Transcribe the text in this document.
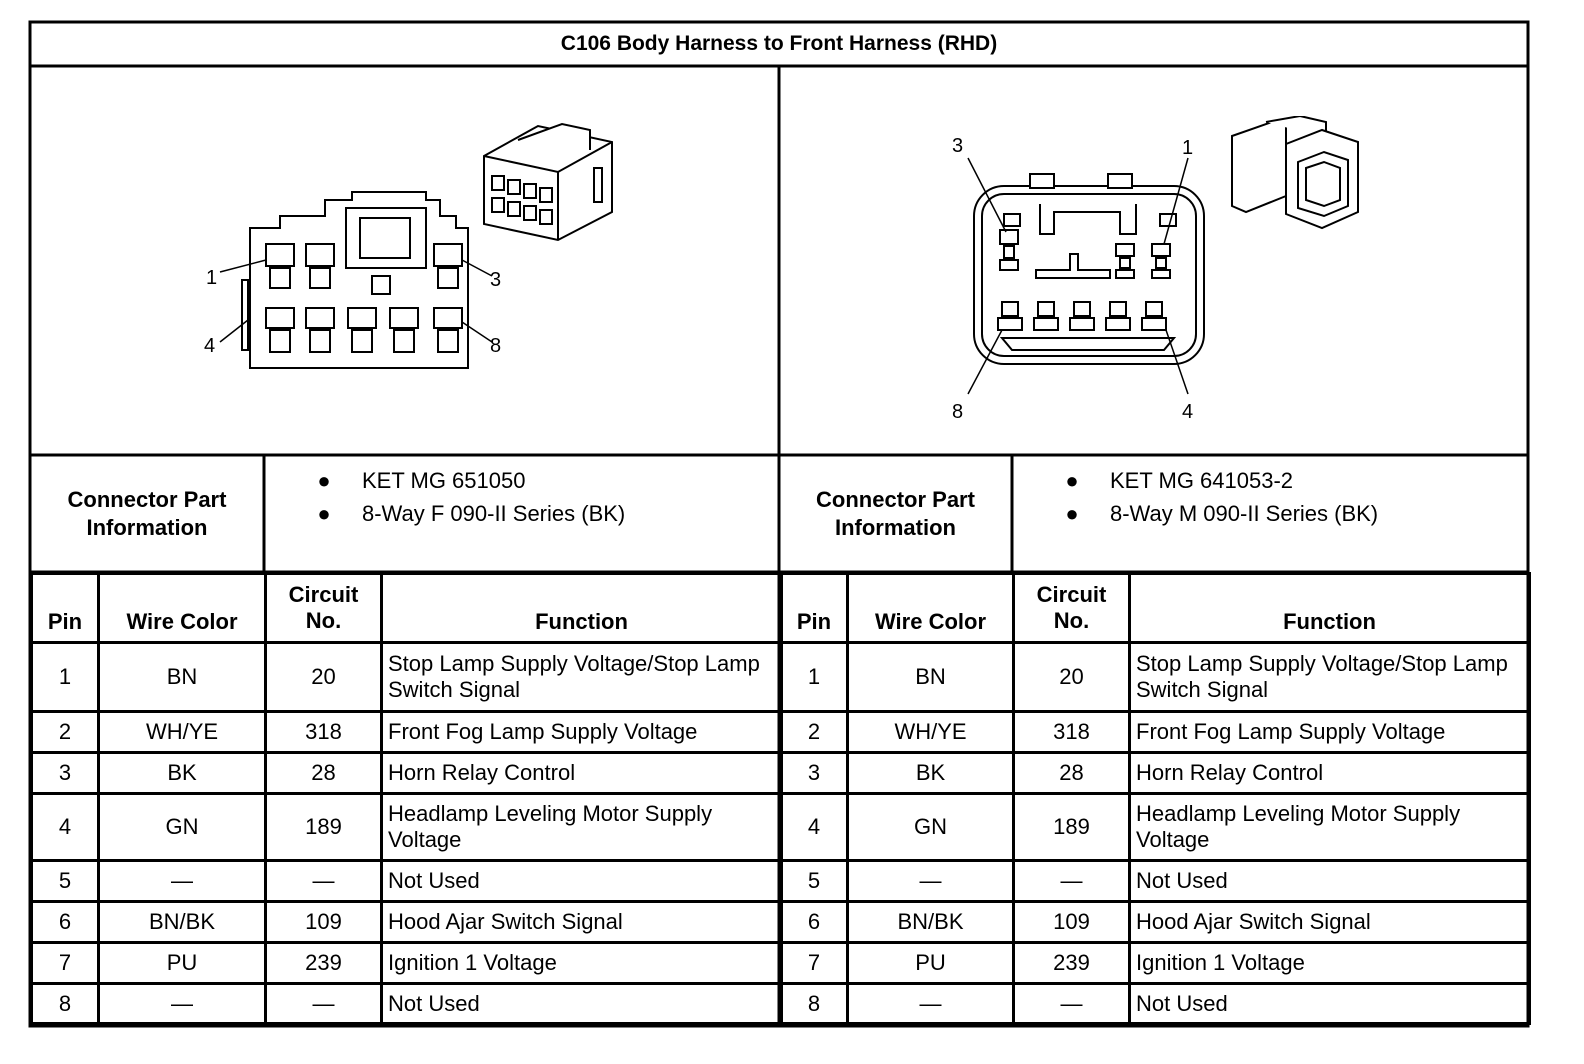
C106 Body Harness to Front Harness (RHD)
1	3
4	8
3	1
8	4
Connector Part
Information
● KET MG 651050
● 8-Way F 090-II Series (BK)
Connector Part
Information
● KET MG 641053-2
● 8-Way M 090-II Series (BK)
Pin	Wire Color	Circuit
No.	Function
1	BN	20	Stop Lamp Supply Voltage/Stop Lamp Switch Signal
2	WH/YE	318	Front Fog Lamp Supply Voltage
3	BK	28	Horn Relay Control
4	GN	189	Headlamp Leveling Motor Supply Voltage
5	—	—	Not Used
6	BN/BK	109	Hood Ajar Switch Signal
7	PU	239	Ignition 1 Voltage
8	—	—	Not Used
Pin	Wire Color	Circuit
No.	Function
1	BN	20	Stop Lamp Supply Voltage/Stop Lamp Switch Signal
2	WH/YE	318	Front Fog Lamp Supply Voltage
3	BK	28	Horn Relay Control
4	GN	189	Headlamp Leveling Motor Supply Voltage
5	—	—	Not Used
6	BN/BK	109	Hood Ajar Switch Signal
7	PU	239	Ignition 1 Voltage
8	—	—	Not Used
